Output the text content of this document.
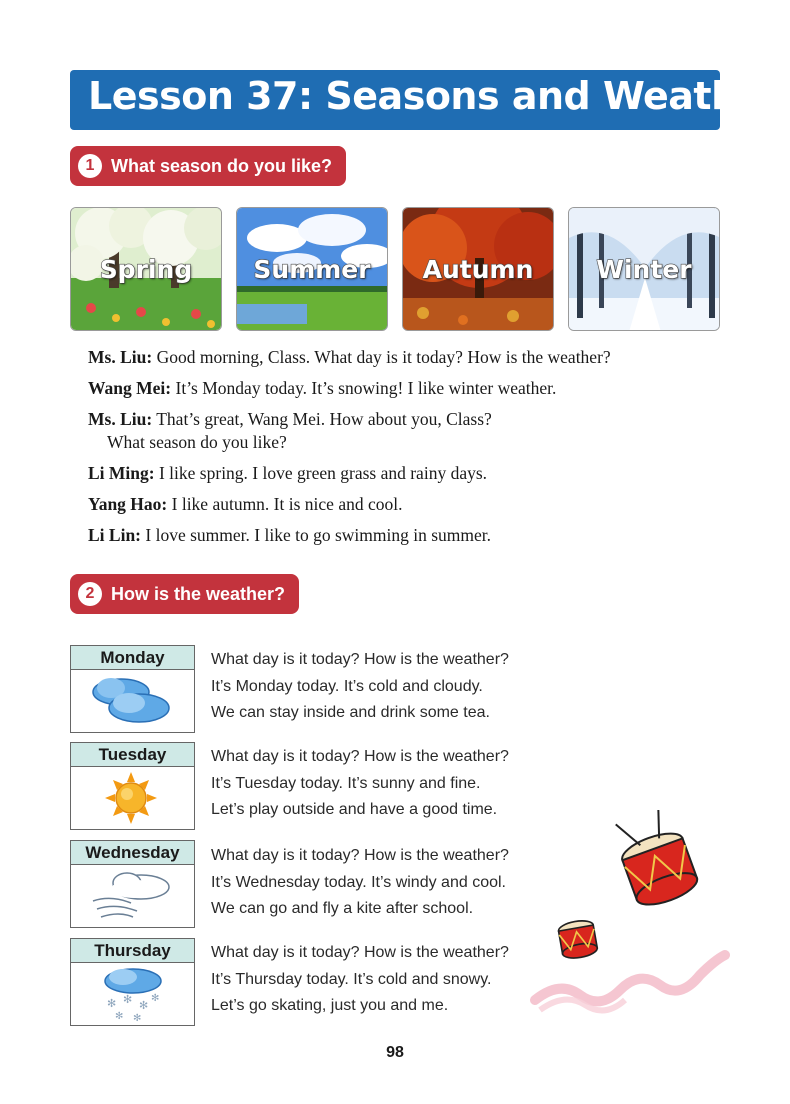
Lesson 37: Seasons and Weather
1 What season do you like?
Spring	Summer	Autumn	Winter
Ms. Liu: Good morning, Class. What day is it today? How is the weather?
Wang Mei: It’s Monday today. It’s snowing! I like winter weather.
Ms. Liu: That’s great, Wang Mei. How about you, Class?
What season do you like?
Li Ming: I like spring. I love green grass and rainy days.
Yang Hao: I like autumn. It is nice and cool.
Li Lin: I love summer. I like to go swimming in summer.
2 How is the weather?
Monday	What day is it today? How is the weather?
It’s Monday today. It’s cold and cloudy.
We can stay inside and drink some tea.
Tuesday	What day is it today? How is the weather?
It’s Tuesday today. It’s sunny and fine.
Let’s play outside and have a good time.
Wednesday	What day is it today? How is the weather?
It’s Wednesday today. It’s windy and cool.
We can go and fly a kite after school.
Thursday
✻ ✻ ✻
✻ ✻
✻
What day is it today? How is the weather?
It’s Thursday today. It’s cold and snowy.
Let’s go skating, just you and me.
98
